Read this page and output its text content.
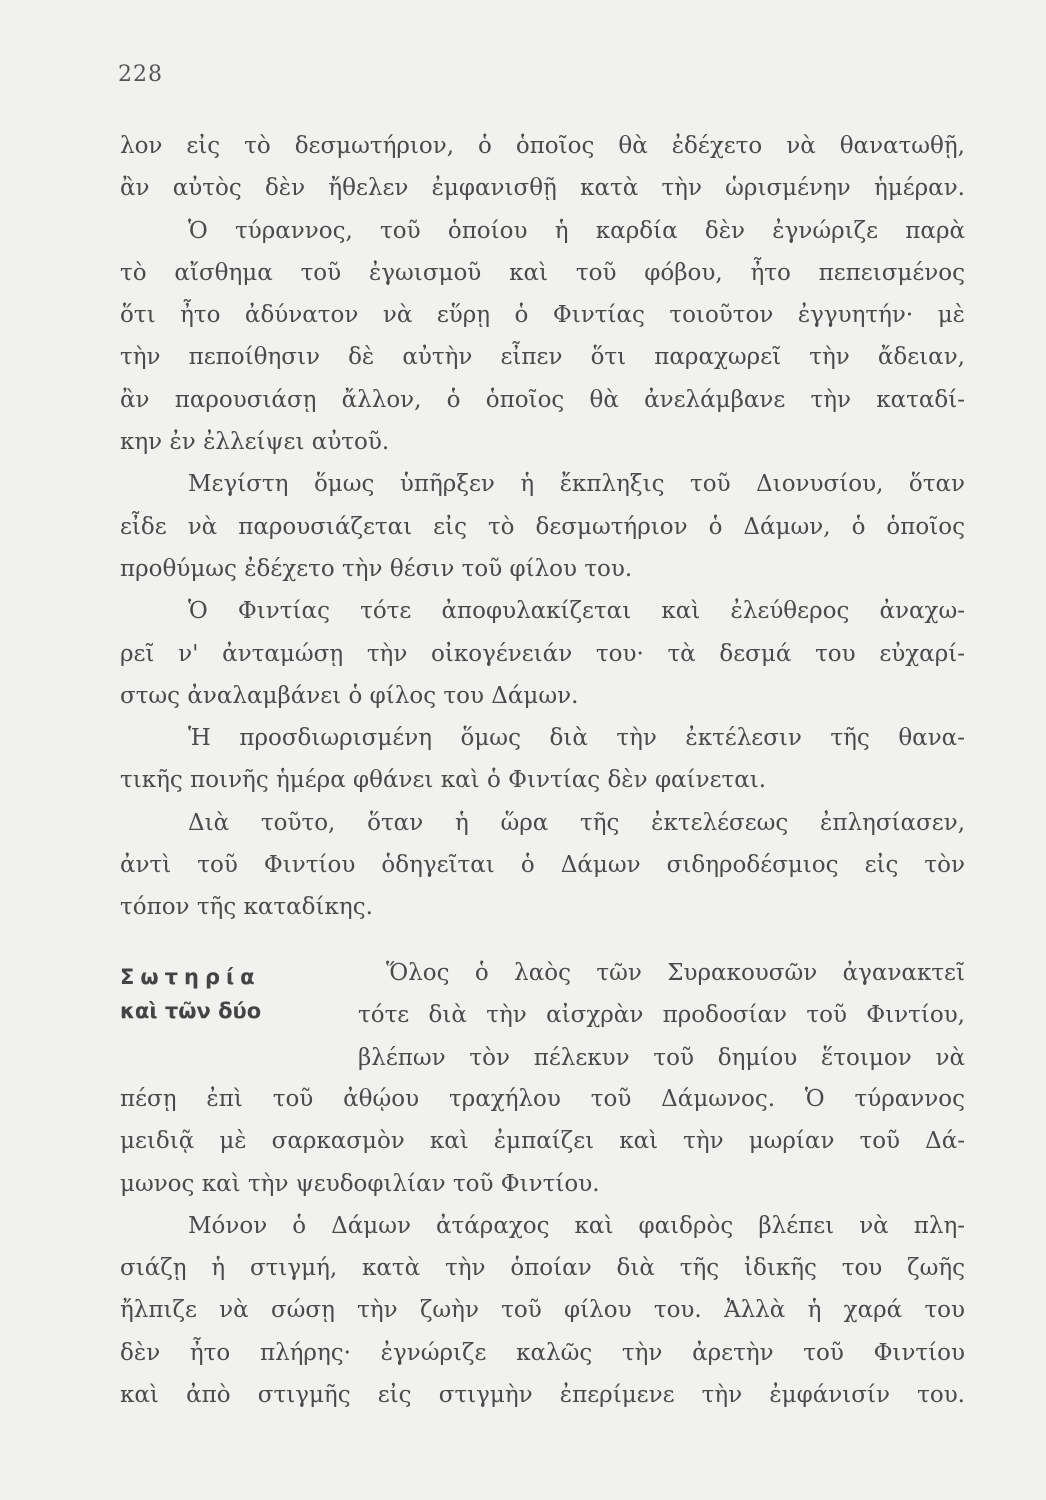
228
λον εἰς τὸ δεσμωτήριον, ὁ ὁποῖος θὰ ἐδέχετο νὰ θανατωθῇ,
ἂν αὐτὸς δὲν ἤθελεν ἐμφανισθῇ κατὰ τὴν ὡρισμένην ἡμέραν.
Ὁ τύραννος, τοῦ ὁποίου ἡ καρδία δὲν ἐγνώριζε παρὰ
τὸ αἴσθημα τοῦ ἐγωισμοῦ καὶ τοῦ φόβου, ἦτο πεπεισμένος
ὅτι ἦτο ἀδύνατον νὰ εὕρῃ ὁ Φιντίας τοιοῦτον ἐγγυητήν· μὲ
τὴν πεποίθησιν δὲ αὐτὴν εἶπεν ὅτι παραχωρεῖ τὴν ἄδειαν,
ἂν παρουσιάσῃ ἄλλον, ὁ ὁποῖος θὰ ἀνελάμβανε τὴν καταδί-
κην ἐν ἐλλείψει αὐτοῦ.
Μεγίστη ὅμως ὑπῆρξεν ἡ ἔκπληξις τοῦ Διονυσίου, ὅταν
εἶδε νὰ παρουσιάζεται εἰς τὸ δεσμωτήριον ὁ Δάμων, ὁ ὁποῖος
προθύμως ἐδέχετο τὴν θέσιν τοῦ φίλου του.
Ὁ Φιντίας τότε ἀποφυλακίζεται καὶ ἐλεύθερος ἀναχω-
ρεῖ ν' ἀνταμώσῃ τὴν οἰκογένειάν του· τὰ δεσμά του εὐχαρί-
στως ἀναλαμβάνει ὁ φίλος του Δάμων.
Ἡ προσδιωρισμένη ὅμως διὰ τὴν ἐκτέλεσιν τῆς θανα-
τικῆς ποινῆς ἡμέρα φθάνει καὶ ὁ Φιντίας δὲν φαίνεται.
Διὰ τοῦτο, ὅταν ἡ ὥρα τῆς ἐκτελέσεως ἐπλησίασεν,
ἀντὶ τοῦ Φιντίου ὁδηγεῖται ὁ Δάμων σιδηροδέσμιος εἰς τὸν
τόπον τῆς καταδίκης.
Σωτηρία
καὶ τῶν δύο
Ὅλος ὁ λαὸς τῶν Συρακουσῶν ἀγανακτεῖ
τότε διὰ τὴν αἰσχρὰν προδοσίαν τοῦ Φιντίου,
βλέπων τὸν πέλεκυν τοῦ δημίου ἕτοιμον νὰ
πέσῃ ἐπὶ τοῦ ἀθῴου τραχήλου τοῦ Δάμωνος. Ὁ τύραννος
μειδιᾷ μὲ σαρκασμὸν καὶ ἐμπαίζει καὶ τὴν μωρίαν τοῦ Δά-
μωνος καὶ τὴν ψευδοφιλίαν τοῦ Φιντίου.
Μόνον ὁ Δάμων ἀτάραχος καὶ φαιδρὸς βλέπει νὰ πλη-
σιάζῃ ἡ στιγμή, κατὰ τὴν ὁποίαν διὰ τῆς ἰδικῆς του ζωῆς
ἤλπιζε νὰ σώσῃ τὴν ζωὴν τοῦ φίλου του. Ἀλλὰ ἡ χαρά του
δὲν ἦτο πλήρης· ἐγνώριζε καλῶς τὴν ἀρετὴν τοῦ Φιντίου
καὶ ἀπὸ στιγμῆς εἰς στιγμὴν ἐπερίμενε τὴν ἐμφάνισίν του.
